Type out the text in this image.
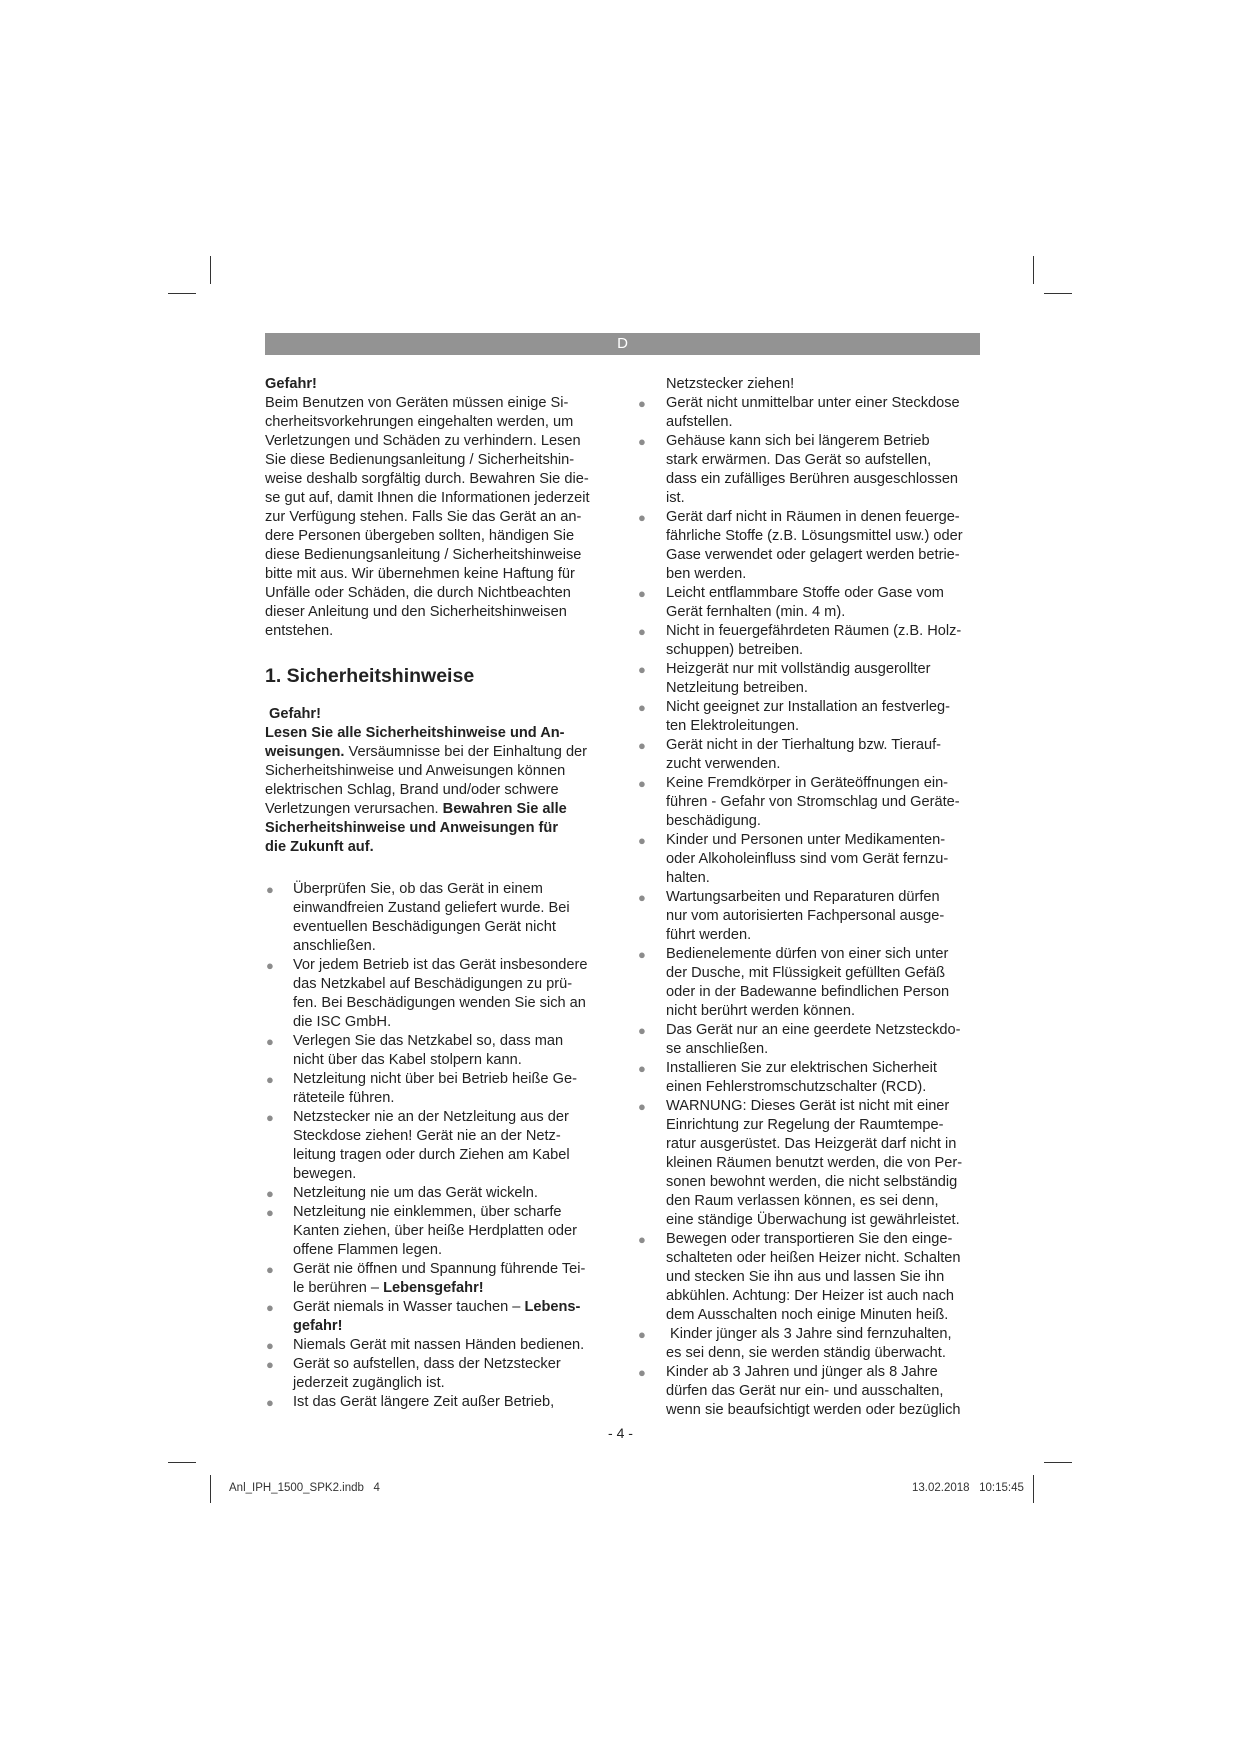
D

Gefahr!

Beim Benutzen von Geräten müssen einige Si-

cherheitsvorkehrungen eingehalten werden, um

Verletzungen und Schäden zu verhindern. Lesen

Sie diese Bedienungsanleitung / Sicherheitshin-

weise deshalb sorgfältig durch. Bewahren Sie die-

se gut auf, damit Ihnen die Informationen jederzeit

zur Verfügung stehen. Falls Sie das Gerät an an-

dere Personen übergeben sollten, händigen Sie

diese Bedienungsanleitung / Sicherheitshinweise

bitte mit aus. Wir übernehmen keine Haftung für

Unfälle oder Schäden, die durch Nichtbeachten

dieser Anleitung und den Sicherheitshinweisen

entstehen.

1. Sicherheitshinweise

Gefahr!

Lesen Sie alle Sicherheitshinweise und An-

weisungen. Versäumnisse bei der Einhaltung der

Sicherheitshinweise und Anweisungen können

elektrischen Schlag, Brand und/oder schwere

Verletzungen verursachen. Bewahren Sie alle

Sicherheitshinweise und Anweisungen für

die Zukunft auf.

● Überprüfen Sie, ob das Gerät in einem
einwandfreien Zustand geliefert wurde. Bei
eventuellen Beschädigungen Gerät nicht
anschließen.
● Vor jedem Betrieb ist das Gerät insbesondere
das Netzkabel auf Beschädigungen zu prü-
fen. Bei Beschädigungen wenden Sie sich an
die ISC GmbH.
● Verlegen Sie das Netzkabel so, dass man
nicht über das Kabel stolpern kann.
● Netzleitung nicht über bei Betrieb heiße Ge-
räteteile führen.
● Netzstecker nie an der Netzleitung aus der
Steckdose ziehen! Gerät nie an der Netz-
leitung tragen oder durch Ziehen am Kabel
bewegen.
● Netzleitung nie um das Gerät wickeln.
● Netzleitung nie einklemmen, über scharfe
Kanten ziehen, über heiße Herdplatten oder
offene Flammen legen.
● Gerät nie öffnen und Spannung führende Tei-
le berühren – Lebensgefahr!
● Gerät niemals in Wasser tauchen – Lebens-
gefahr!
● Niemals Gerät mit nassen Händen bedienen.
● Gerät so aufstellen, dass der Netzstecker
jederzeit zugänglich ist.
● Ist das Gerät längere Zeit außer Betrieb,

Netzstecker ziehen!

● Gerät nicht unmittelbar unter einer Steckdose
aufstellen.
● Gehäuse kann sich bei längerem Betrieb
stark erwärmen. Das Gerät so aufstellen,
dass ein zufälliges Berühren ausgeschlossen
ist.
● Gerät darf nicht in Räumen in denen feuerge-
fährliche Stoffe (z.B. Lösungsmittel usw.) oder
Gase verwendet oder gelagert werden betrie-
ben werden.
● Leicht entflammbare Stoffe oder Gase vom
Gerät fernhalten (min. 4 m).
● Nicht in feuergefährdeten Räumen (z.B. Holz-
schuppen) betreiben.
● Heizgerät nur mit vollständig ausgerollter
Netzleitung betreiben.
● Nicht geeignet zur Installation an festverleg-
ten Elektroleitungen.
● Gerät nicht in der Tierhaltung bzw. Tierauf-
zucht verwenden.
● Keine Fremdkörper in Geräteöffnungen ein-
führen - Gefahr von Stromschlag und Geräte-
beschädigung.
● Kinder und Personen unter Medikamenten-
oder Alkoholeinfluss sind vom Gerät fernzu-
halten.
● Wartungsarbeiten und Reparaturen dürfen
nur vom autorisierten Fachpersonal ausge-
führt werden.
● Bedienelemente dürfen von einer sich unter
der Dusche, mit Flüssigkeit gefüllten Gefäß
oder in der Badewanne befindlichen Person
nicht berührt werden können.
● Das Gerät nur an eine geerdete Netzsteckdo-
se anschließen.
● Installieren Sie zur elektrischen Sicherheit
einen Fehlerstromschutzschalter (RCD).
● WARNUNG: Dieses Gerät ist nicht mit einer
Einrichtung zur Regelung der Raumtempe-
ratur ausgerüstet. Das Heizgerät darf nicht in
kleinen Räumen benutzt werden, die von Per-
sonen bewohnt werden, die nicht selbständig
den Raum verlassen können, es sei denn,
eine ständige Überwachung ist gewährleistet.
● Bewegen oder transportieren Sie den einge-
schalteten oder heißen Heizer nicht. Schalten
und stecken Sie ihn aus und lassen Sie ihn
abkühlen. Achtung: Der Heizer ist auch nach
dem Ausschalten noch einige Minuten heiß.
● Kinder jünger als 3 Jahre sind fernzuhalten,
es sei denn, sie werden ständig überwacht.
● Kinder ab 3 Jahren und jünger als 8 Jahre
dürfen das Gerät nur ein- und ausschalten,
wenn sie beaufsichtigt werden oder bezüglich
- 4 -
Anl_IPH_1500_SPK2.indb   4	13.02.2018   10:15:45
